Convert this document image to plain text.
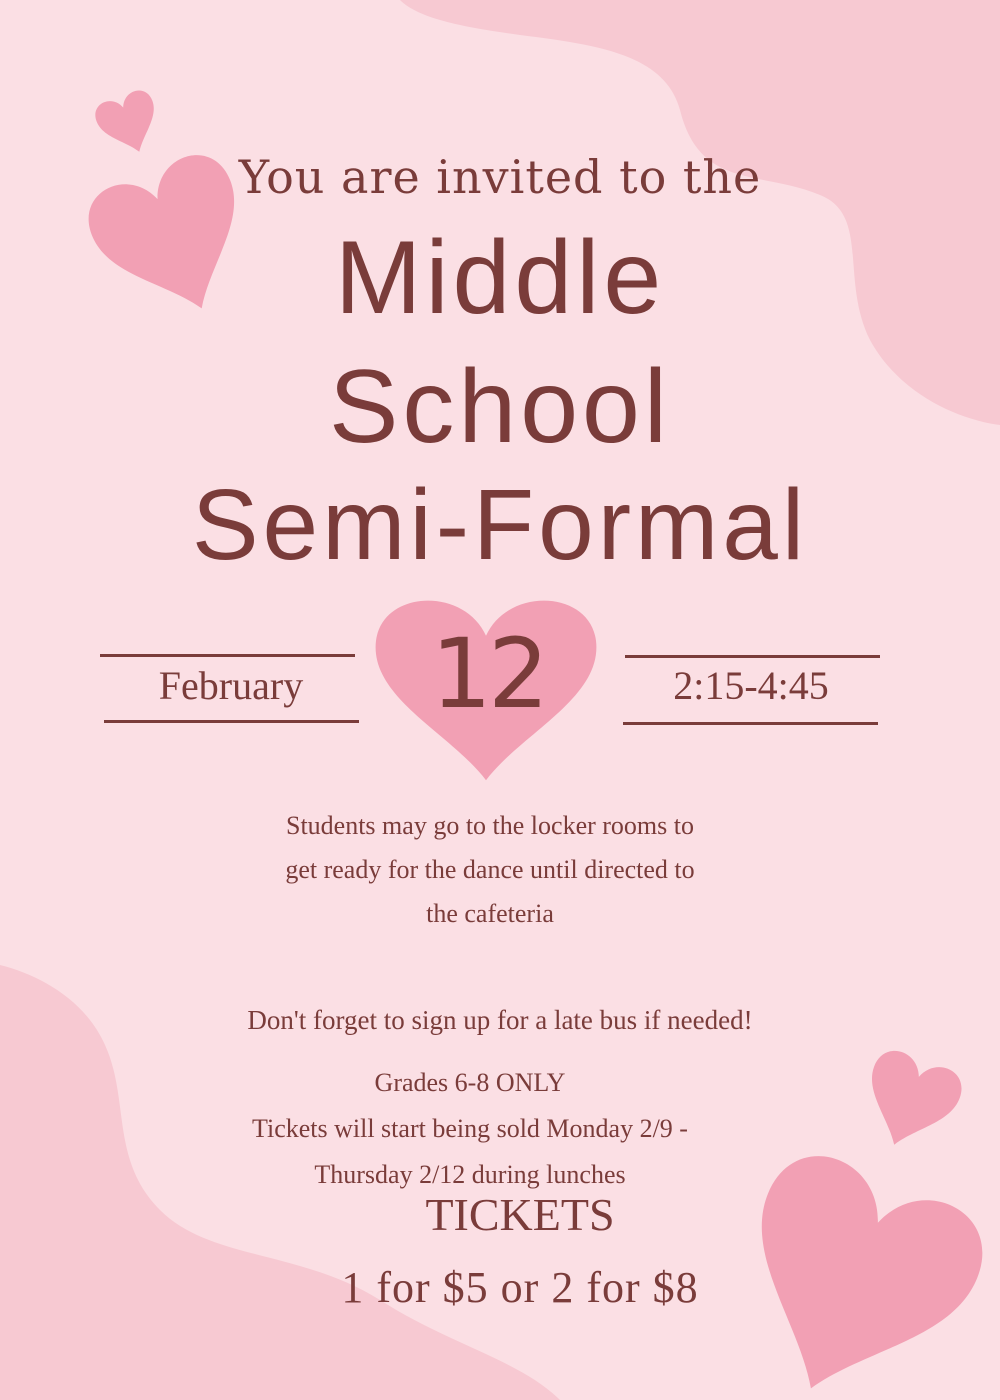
You are invited to the

Middle

School

Semi-Formal

February	12	2:15-4:45

Students may go to the locker rooms to get ready for the dance until directed to the cafeteria

Don't forget to sign up for a late bus if needed!

Grades 6-8 ONLY
Tickets will start being sold Monday 2/9 -
Thursday 2/12 during lunches

TICKETS

1 for $5 or 2 for $8
